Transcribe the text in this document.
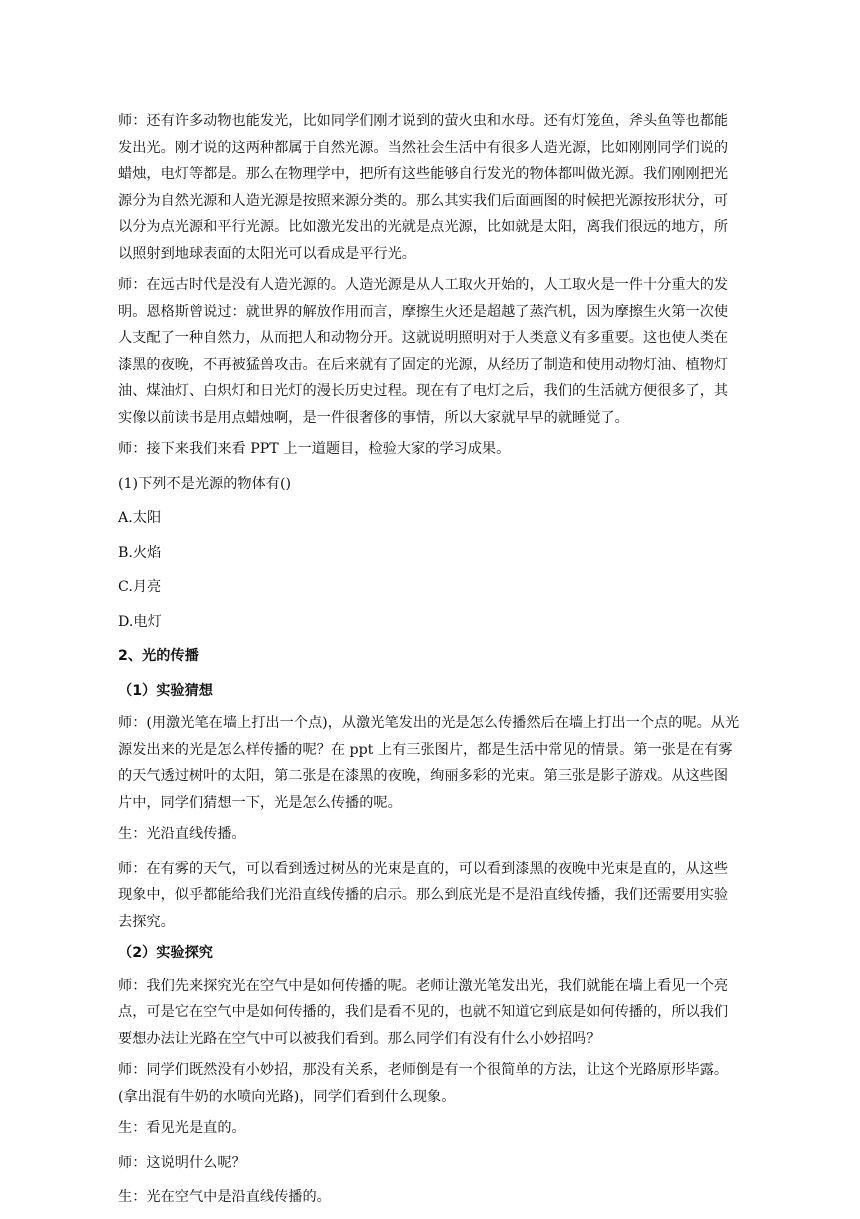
师：还有许多动物也能发光，比如同学们刚才说到的萤火虫和水母。还有灯笼鱼，斧头鱼等也都能发出光。刚才说的这两种都属于自然光源。当然社会生活中有很多人造光源，比如刚刚同学们说的蜡烛，电灯等都是。那么在物理学中，把所有这些能够自行发光的物体都叫做光源。我们刚刚把光源分为自然光源和人造光源是按照来源分类的。那么其实我们后面画图的时候把光源按形状分，可以分为点光源和平行光源。比如激光发出的光就是点光源，比如就是太阳，离我们很远的地方，所以照射到地球表面的太阳光可以看成是平行光。

师：在远古时代是没有人造光源的。人造光源是从人工取火开始的，人工取火是一件十分重大的发明。恩格斯曾说过：就世界的解放作用而言，摩擦生火还是超越了蒸汽机，因为摩擦生火第一次使人支配了一种自然力，从而把人和动物分开。这就说明照明对于人类意义有多重要。这也使人类在漆黑的夜晚，不再被猛兽攻击。在后来就有了固定的光源，从经历了制造和使用动物灯油、植物灯油、煤油灯、白炽灯和日光灯的漫长历史过程。现在有了电灯之后，我们的生活就方便很多了，其实像以前读书是用点蜡烛啊，是一件很奢侈的事情，所以大家就早早的就睡觉了。

师：接下来我们来看 PPT 上一道题目，检验大家的学习成果。

(1)下列不是光源的物体有()

A.太阳

B.火焰

C.月亮

D.电灯

2、光的传播

（1）实验猜想

师：(用激光笔在墙上打出一个点)，从激光笔发出的光是怎么传播然后在墙上打出一个点的呢。从光源发出来的光是怎么样传播的呢？在 ppt 上有三张图片，都是生活中常见的情景。第一张是在有雾的天气透过树叶的太阳，第二张是在漆黑的夜晚，绚丽多彩的光束。第三张是影子游戏。从这些图片中，同学们猜想一下，光是怎么传播的呢。

生：光沿直线传播。

师：在有雾的天气，可以看到透过树丛的光束是直的，可以看到漆黑的夜晚中光束是直的，从这些现象中，似乎都能给我们光沿直线传播的启示。那么到底光是不是沿直线传播，我们还需要用实验去探究。

（2）实验探究

师：我们先来探究光在空气中是如何传播的呢。老师让激光笔发出光，我们就能在墙上看见一个亮点，可是它在空气中是如何传播的，我们是看不见的，也就不知道它到底是如何传播的，所以我们要想办法让光路在空气中可以被我们看到。那么同学们有没有什么小妙招吗？

师：同学们既然没有小妙招，那没有关系，老师倒是有一个很简单的方法，让这个光路原形毕露。(拿出混有牛奶的水喷向光路)，同学们看到什么现象。

生：看见光是直的。

师：这说明什么呢？

生：光在空气中是沿直线传播的。
